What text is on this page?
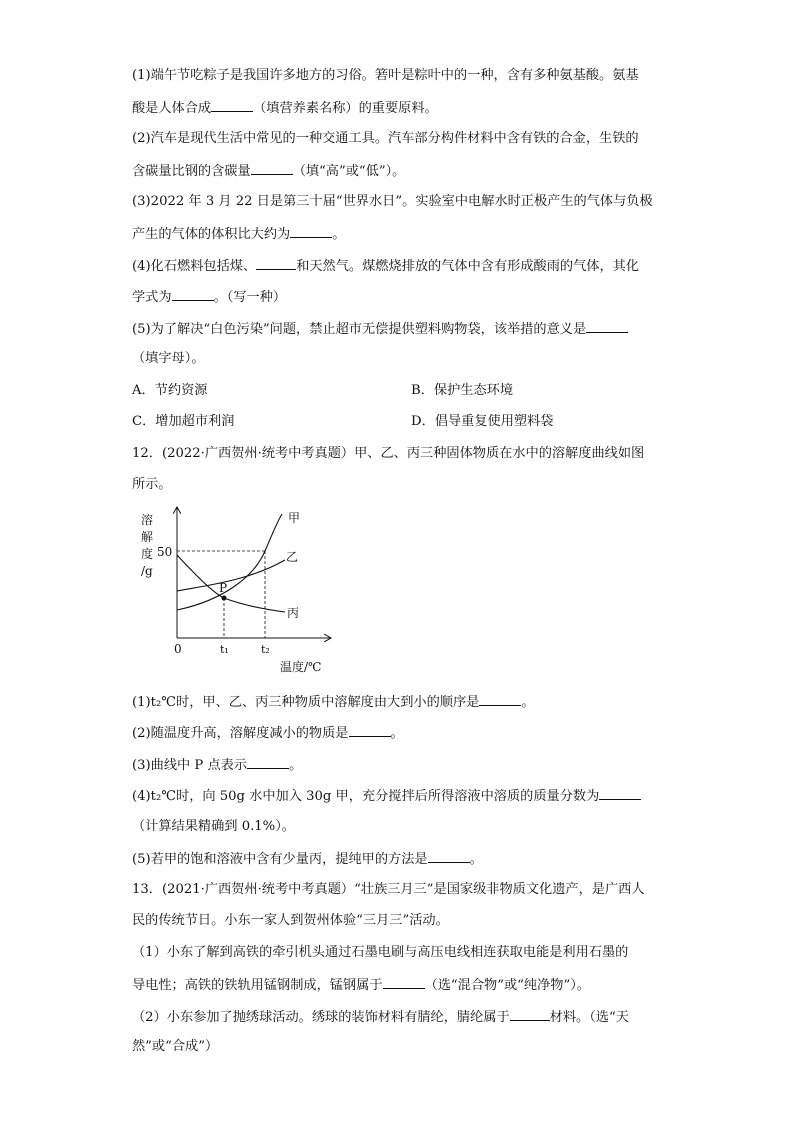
(1)端午节吃粽子是我国许多地方的习俗。箬叶是粽叶中的一种，含有多种氨基酸。氨基
酸是人体合成	（填营养素名称）的重要原料。
(2)汽车是现代生活中常见的一种交通工具。汽车部分构件材料中含有铁的合金，生铁的
含碳量比钢的含碳量	（填“高”或“低”）。
(3)2022 年 3 月 22 日是第三十届“世界水日”。实验室中电解水时正极产生的气体与负极
产生的气体的体积比大约为	。
(4)化石燃料包括煤、	和天然气。煤燃烧排放的气体中含有形成酸雨的气体，其化
学式为	。（写一种）
(5)为了解决“白色污染”问题，禁止超市无偿提供塑料购物袋，该举措的意义是
（填字母）。
A．节约资源	B．保护生态环境
C．增加超市利润	D．倡导重复使用塑料袋
12．(2022·广西贺州·统考中考真题）甲、乙、丙三种固体物质在水中的溶解度曲线如图
所示。
溶
解
度
/g
50
0	t₁	t₂
温度/℃
甲
乙
丙
P
(1)t₂℃时，甲、乙、丙三种物质中溶解度由大到小的顺序是	。
(2)随温度升高，溶解度减小的物质是	。
(3)曲线中 P 点表示	。
(4)t₂℃时，向 50g 水中加入 30g 甲，充分搅拌后所得溶液中溶质的质量分数为
（计算结果精确到 0.1%）。
(5)若甲的饱和溶液中含有少量丙，提纯甲的方法是	。
13．(2021·广西贺州·统考中考真题）“壮族三月三”是国家级非物质文化遗产，是广西人
民的传统节日。小东一家人到贺州体验“三月三”活动。
（1）小东了解到高铁的牵引机头通过石墨电刷与高压电线相连获取电能是利用石墨的
导电性；高铁的铁轨用锰钢制成，锰钢属于	（选“混合物”或“纯净物”）。
（2）小东参加了抛绣球活动。绣球的装饰材料有腈纶，腈纶属于	材料。（选“天
然”或“合成”）
